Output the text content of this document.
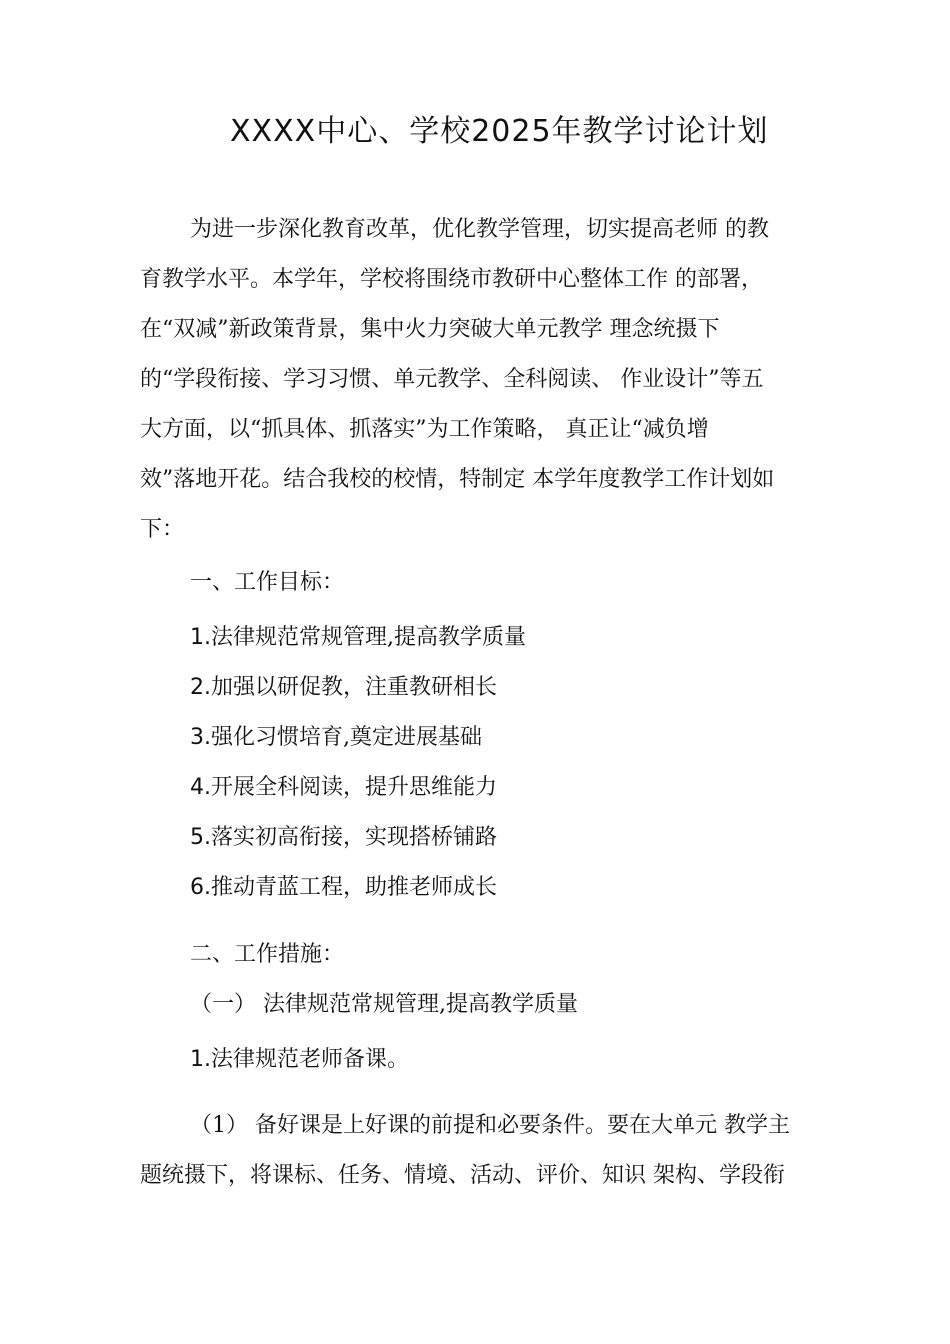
XXXX中心、学校2025年教学讨论计划

为进一步深化教育改革，优化教学管理，切实提高老师 的教

育教学水平。本学年，学校将围绕市教研中心整体工作 的部署，

在“双减”新政策背景，集中火力突破大单元教学 理念统摄下

的“学段衔接、学习习惯、单元教学、全科阅读、 作业设计”等五

大方面，以“抓具体、抓落实”为工作策略， 真正让“减负增

效”落地开花。结合我校的校情，特制定 本学年度教学工作计划如

下：

一、工作目标：

1.法律规范常规管理,提高教学质量

2.加强以研促教，注重教研相长

3.强化习惯培育,奠定进展基础

4.开展全科阅读，提升思维能力

5.落实初高衔接，实现搭桥铺路

6.推动青蓝工程，助推老师成长

二、工作措施：

（一） 法律规范常规管理,提高教学质量

1.法律规范老师备课。

（1） 备好课是上好课的前提和必要条件。要在大单元 教学主

题统摄下，将课标、任务、情境、活动、评价、知识 架构、学段衔
